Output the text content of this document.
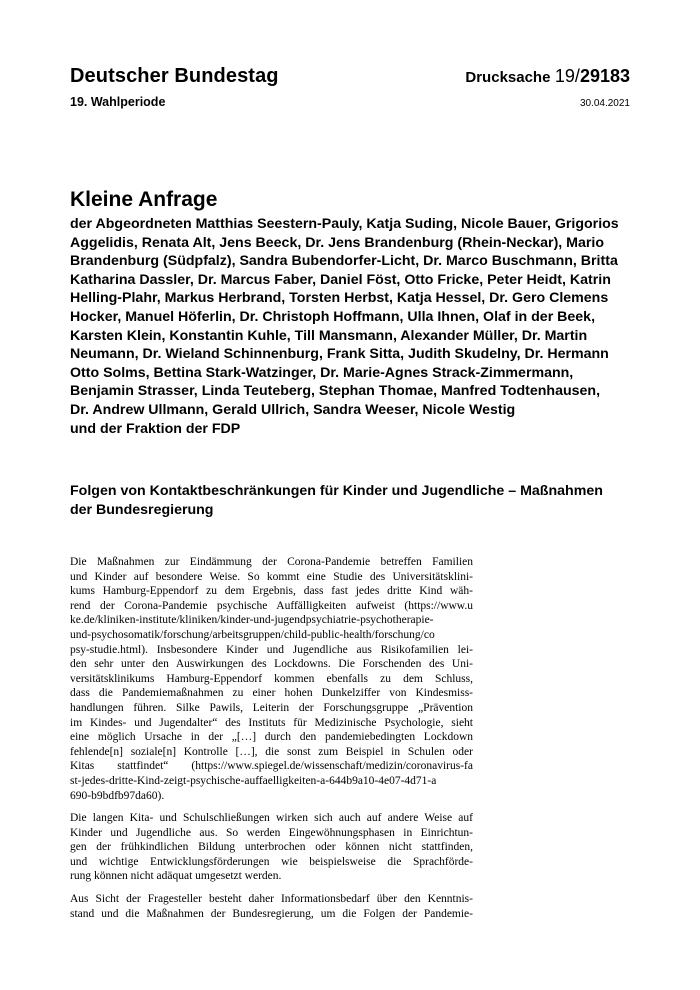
Deutscher Bundestag
19. Wahlperiode
Drucksache 19/29183
30.04.2021
Kleine Anfrage
der Abgeordneten Matthias Seestern-Pauly, Katja Suding, Nicole Bauer, Grigorios
Aggelidis, Renata Alt, Jens Beeck, Dr. Jens Brandenburg (Rhein-Neckar), Mario
Brandenburg (Südpfalz), Sandra Bubendorfer-Licht, Dr. Marco Buschmann, Britta
Katharina Dassler, Dr. Marcus Faber, Daniel Föst, Otto Fricke, Peter Heidt, Katrin
Helling-Plahr, Markus Herbrand, Torsten Herbst, Katja Hessel, Dr. Gero Clemens
Hocker, Manuel Höferlin, Dr. Christoph Hoffmann, Ulla Ihnen, Olaf in der Beek,
Karsten Klein, Konstantin Kuhle, Till Mansmann, Alexander Müller, Dr. Martin
Neumann, Dr. Wieland Schinnenburg, Frank Sitta, Judith Skudelny, Dr. Hermann
Otto Solms, Bettina Stark-Watzinger, Dr. Marie-Agnes Strack-Zimmermann,
Benjamin Strasser, Linda Teuteberg, Stephan Thomae, Manfred Todtenhausen,
Dr. Andrew Ullmann, Gerald Ullrich, Sandra Weeser, Nicole Westig
und der Fraktion der FDP
Folgen von Kontaktbeschränkungen für Kinder und Jugendliche – Maßnahmen
der Bundesregierung

Die Maßnahmen zur Eindämmung der Corona-Pandemie betreffen Familien
und Kinder auf besondere Weise. So kommt eine Studie des Universitätsklini-
kums Hamburg-Eppendorf zu dem Ergebnis, dass fast jedes dritte Kind wäh-
rend der Corona-Pandemie psychische Auffälligkeiten aufweist (https://www.u
ke.de/kliniken-institute/kliniken/kinder-und-jugendpsychiatrie-psychotherapie-
und-psychosomatik/forschung/arbeitsgruppen/child-public-health/forschung/co
psy-studie.html). Insbesondere Kinder und Jugendliche aus Risikofamilien lei-
den sehr unter den Auswirkungen des Lockdowns. Die Forschenden des Uni-
versitätsklinikums Hamburg-Eppendorf kommen ebenfalls zu dem Schluss,
dass die Pandemiemaßnahmen zu einer hohen Dunkelziffer von Kindesmiss-
handlungen führen. Silke Pawils, Leiterin der Forschungsgruppe „Prävention
im Kindes- und Jugendalter“ des Instituts für Medizinische Psychologie, sieht
eine möglich Ursache in der „[…] durch den pandemiebedingten Lockdown
fehlende[n] soziale[n] Kontrolle […], die sonst zum Beispiel in Schulen oder
Kitas stattfindet“ (https://www.spiegel.de/wissenschaft/medizin/coronavirus-fa
st-jedes-dritte-Kind-zeigt-psychische-auffaelligkeiten-a-644b9a10-4e07-4d71-a
690-b9bdfb97da60).

Die langen Kita- und Schulschließungen wirken sich auch auf andere Weise auf
Kinder und Jugendliche aus. So werden Eingewöhnungsphasen in Einrichtun-
gen der frühkindlichen Bildung unterbrochen oder können nicht stattfinden,
und wichtige Entwicklungsförderungen wie beispielsweise die Sprachförde-
rung können nicht adäquat umgesetzt werden.

Aus Sicht der Fragesteller besteht daher Informationsbedarf über den Kenntnis-
stand und die Maßnahmen der Bundesregierung, um die Folgen der Pandemie-
